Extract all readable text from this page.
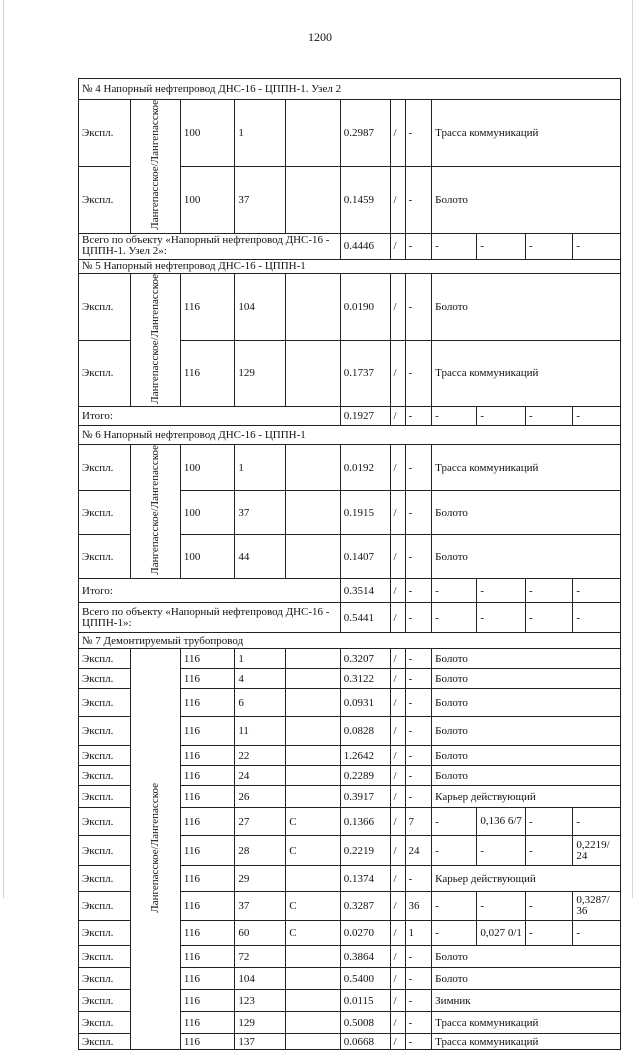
1200
№ 4 Напорный нефтепровод ДНС-16 - ЦППН-1. Узел 2											
Экспл.	Лангепасское/Лангепасское	100	1		0.2987	/	-	Трасса коммуникаций			
Экспл.		100	37		0.1459	/	-	Болото			
Всего по объекту «Напорный нефтепровод ДНС-16 - ЦППН-1. Узел 2»:					0.4446	/	-	-	-	-	-
№ 5 Напорный нефтепровод ДНС-16 - ЦППН-1											
Экспл.	Лангепасское/Лангепасское	116	104		0.0190	/	-	Болото			
Экспл.		116	129		0.1737	/	-	Трасса коммуникаций			
Итого:					0.1927	/	-	-	-	-	-
№ 6 Напорный нефтепровод ДНС-16 - ЦППН-1											
Экспл.	Лангепасское/Лангепасское	100	1		0.0192	/	-	Трасса коммуникаций			
Экспл.		100	37		0.1915	/	-	Болото			
Экспл.		100	44		0.1407	/	-	Болото			
Итого:					0.3514	/	-	-	-	-	-
Всего по объекту «Напорный нефтепровод ДНС-16 - ЦППН-1»:					0.5441	/	-	-	-	-	-
№ 7 Демонтируемый трубопровод											
Экспл.	Лангепасское/Лангепасское	116	1		0.3207	/	-	Болото			
Экспл.		116	4		0.3122	/	-	Болото			
Экспл.		116	6		0.0931	/	-	Болото			
Экспл.		116	11		0.0828	/	-	Болото			
Экспл.		116	22		1.2642	/	-	Болото			
Экспл.		116	24		0.2289	/	-	Болото			
Экспл.		116	26		0.3917	/	-	Карьер действующий			
Экспл.		116	27	С	0.1366	/	7	-	0,136 6/7	-	-
Экспл.		116	28	С	0.2219	/	24	-	-	-	0,2219/ 24
Экспл.		116	29		0.1374	/	-	Карьер действующий			
Экспл.		116	37	С	0.3287	/	36	-	-	-	0,3287/ 36
Экспл.		116	60	С	0.0270	/	1	-	0,027 0/1	-	-
Экспл.		116	72		0.3864	/	-	Болото			
Экспл.		116	104		0.5400	/	-	Болото			
Экспл.		116	123		0.0115	/	-	Зимник			
Экспл.		116	129		0.5008	/	-	Трасса коммуникаций			
Экспл.		116	137		0.0668	/	-	Трасса коммуникаций			
